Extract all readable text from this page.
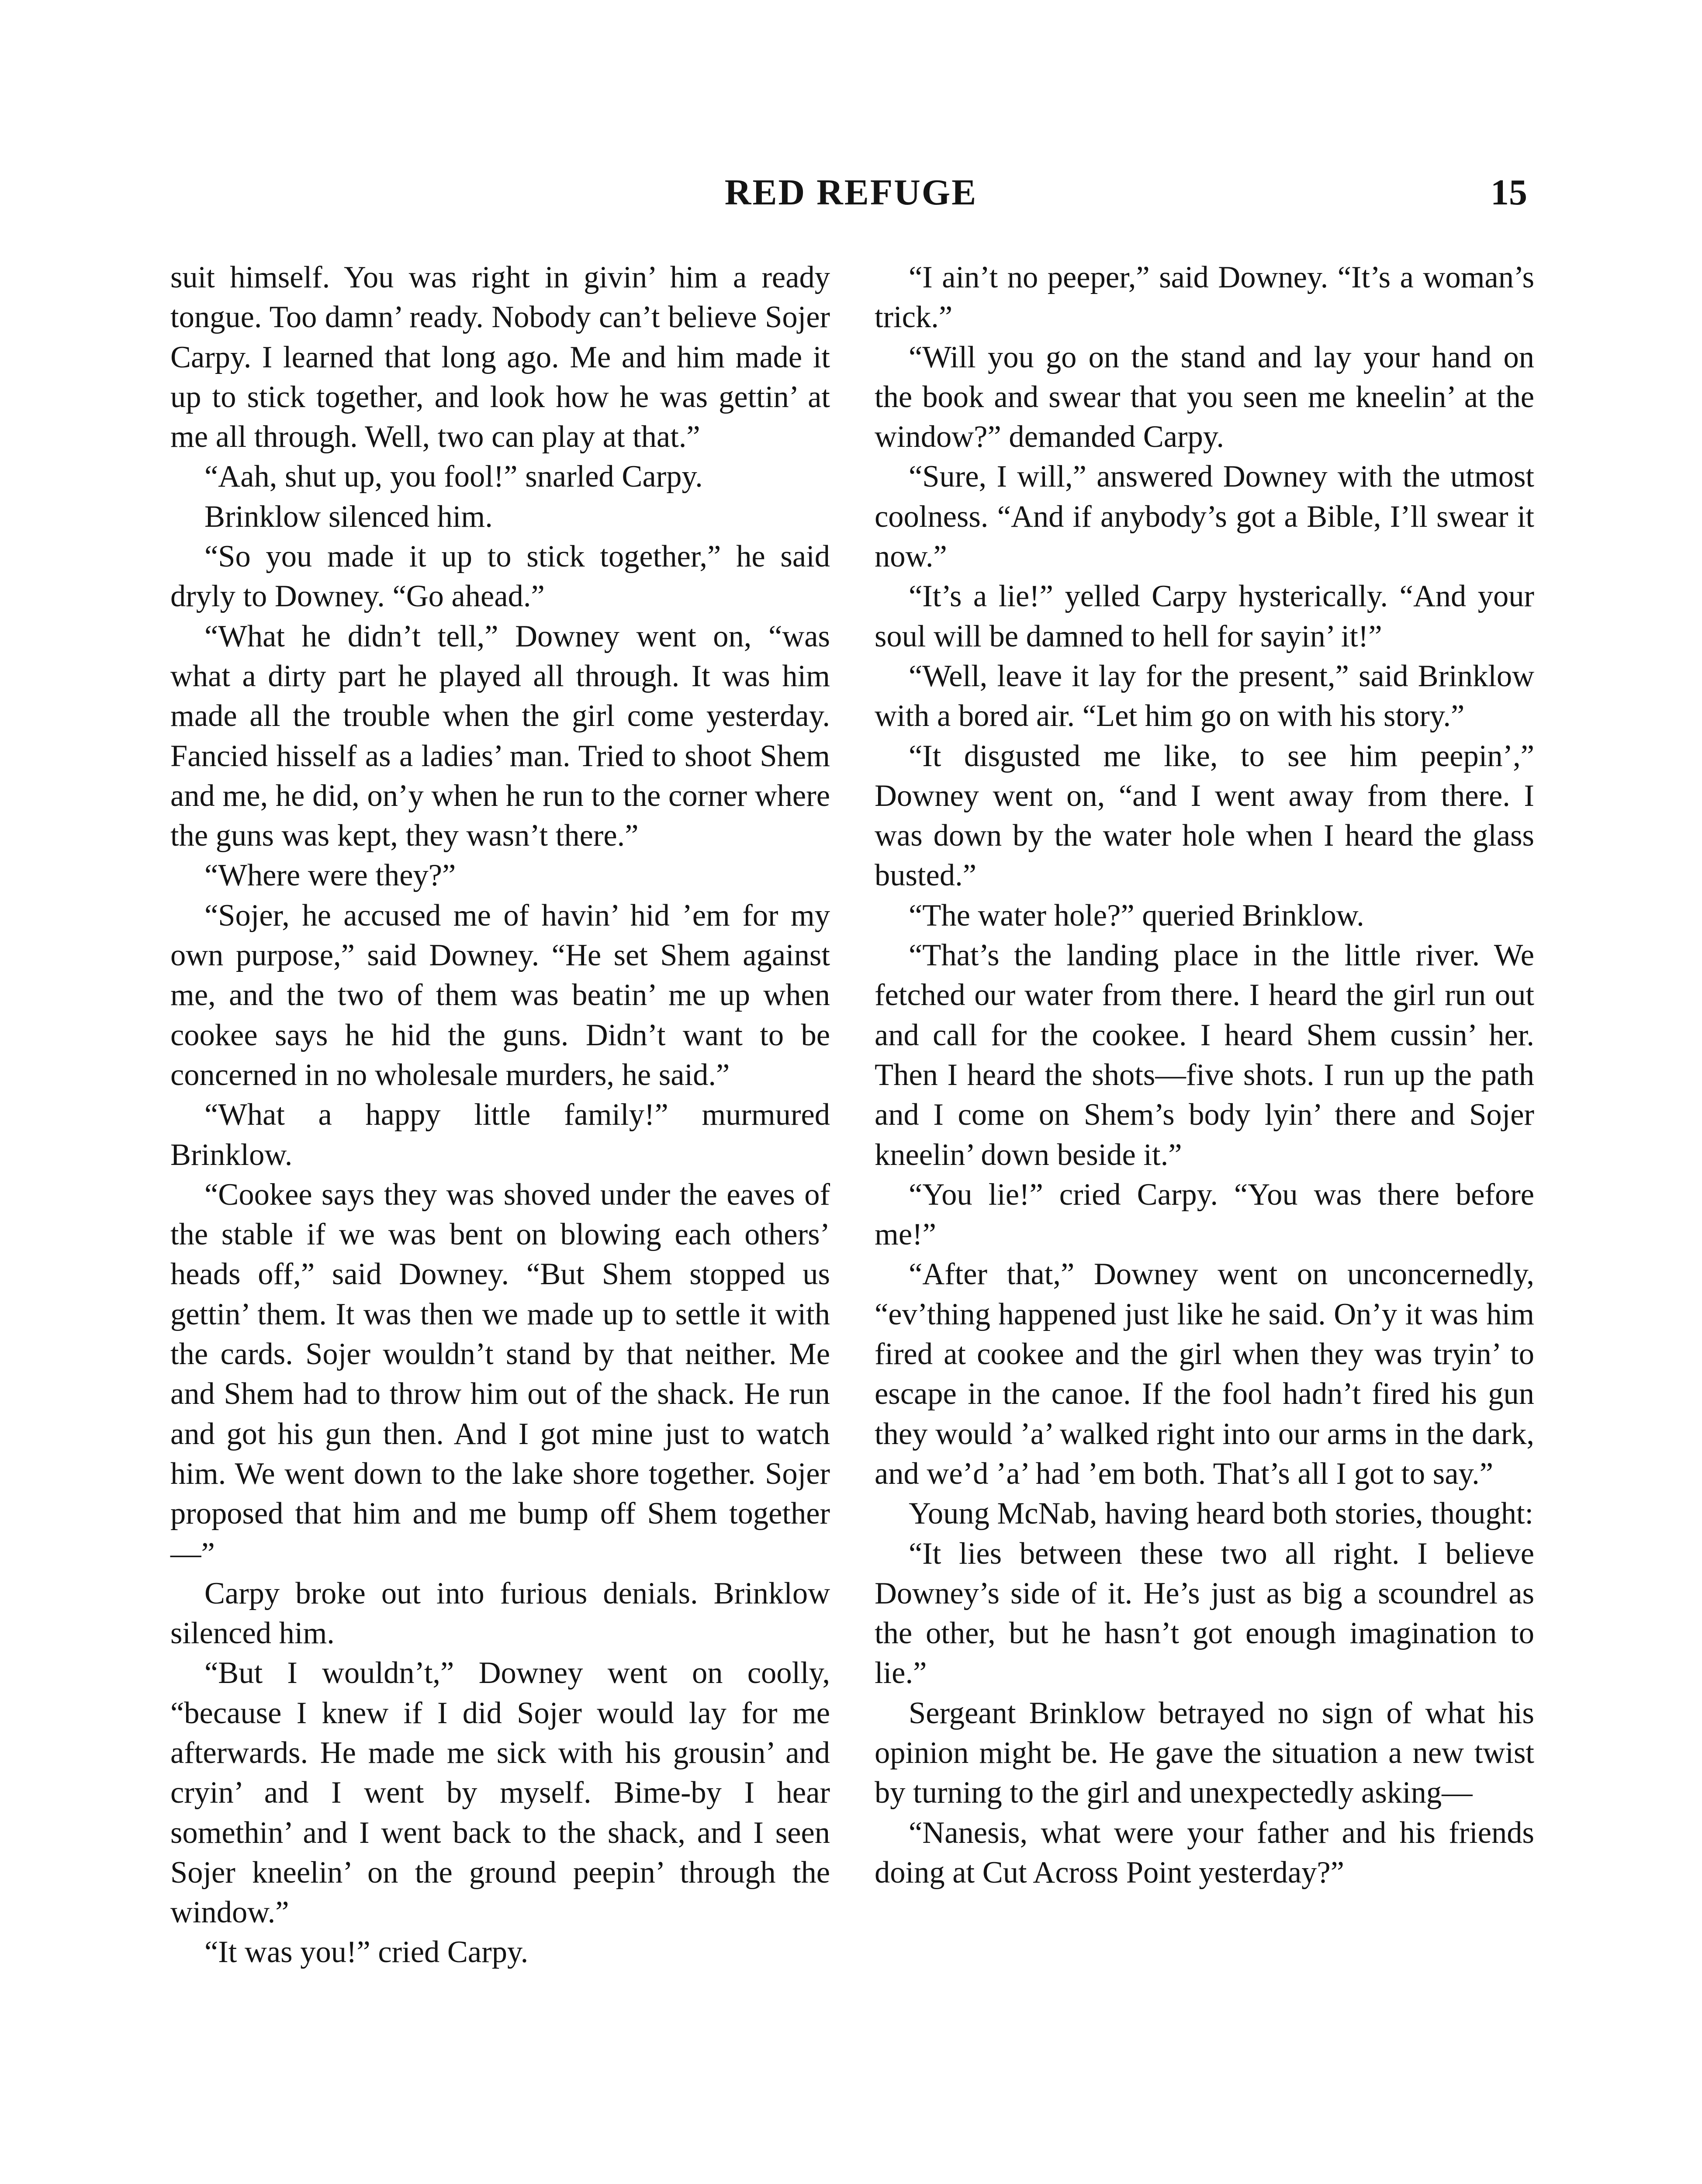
RED REFUGE	15

suit himself. You was right in givin’ him a ready tongue. Too damn’ ready. Nobody can’t believe Sojer Carpy. I learned that long ago. Me and him made it up to stick together, and look how he was gettin’ at me all through. Well, two can play at that.”

“Aah, shut up, you fool!” snarled Carpy.

Brinklow silenced him.

“So you made it up to stick together,” he said dryly to Downey. “Go ahead.”

“What he didn’t tell,” Downey went on, “was what a dirty part he played all through. It was him made all the trouble when the girl come yesterday. Fancied hisself as a ladies’ man. Tried to shoot Shem and me, he did, on’y when he run to the corner where the guns was kept, they wasn’t there.”

“Where were they?”

“Sojer, he accused me of havin’ hid ’em for my own purpose,” said Downey. “He set Shem against me, and the two of them was beatin’ me up when cookee says he hid the guns. Didn’t want to be concerned in no wholesale murders, he said.”

“What a happy little family!” murmured Brinklow.

“Cookee says they was shoved under the eaves of the stable if we was bent on blowing each others’ heads off,” said Downey. “But Shem stopped us gettin’ them. It was then we made up to settle it with the cards. Sojer wouldn’t stand by that neither. Me and Shem had to throw him out of the shack. He run and got his gun then. And I got mine just to watch him. We went down to the lake shore together. Sojer proposed that him and me bump off Shem together—”

Carpy broke out into furious denials. Brinklow silenced him.

“But I wouldn’t,” Downey went on coolly, “because I knew if I did Sojer would lay for me afterwards. He made me sick with his grousin’ and cryin’ and I went by myself. Bime-by I hear somethin’ and I went back to the shack, and I seen Sojer kneelin’ on the ground peepin’ through the window.”

“It was you!” cried Carpy.

“I ain’t no peeper,” said Downey. “It’s a woman’s trick.”

“Will you go on the stand and lay your hand on the book and swear that you seen me kneelin’ at the window?” demanded Carpy.

“Sure, I will,” answered Downey with the utmost coolness. “And if anybody’s got a Bible, I’ll swear it now.”

“It’s a lie!” yelled Carpy hysterically. “And your soul will be damned to hell for sayin’ it!”

“Well, leave it lay for the present,” said Brinklow with a bored air. “Let him go on with his story.”

“It disgusted me like, to see him peepin’,” Downey went on, “and I went away from there. I was down by the water hole when I heard the glass busted.”

“The water hole?” queried Brinklow.

“That’s the landing place in the little river. We fetched our water from there. I heard the girl run out and call for the cookee. I heard Shem cussin’ her. Then I heard the shots—five shots. I run up the path and I come on Shem’s body lyin’ there and Sojer kneelin’ down beside it.”

“You lie!” cried Carpy. “You was there before me!”

“After that,” Downey went on unconcernedly, “ev’thing happened just like he said. On’y it was him fired at cookee and the girl when they was tryin’ to escape in the canoe. If the fool hadn’t fired his gun they would ’a’ walked right into our arms in the dark, and we’d ’a’ had ’em both. That’s all I got to say.”

Young McNab, having heard both stories, thought:

“It lies between these two all right. I believe Downey’s side of it. He’s just as big a scoundrel as the other, but he hasn’t got enough imagination to lie.”

Sergeant Brinklow betrayed no sign of what his opinion might be. He gave the situation a new twist by turning to the girl and unexpectedly asking—

“Nanesis, what were your father and his friends doing at Cut Across Point yesterday?”
